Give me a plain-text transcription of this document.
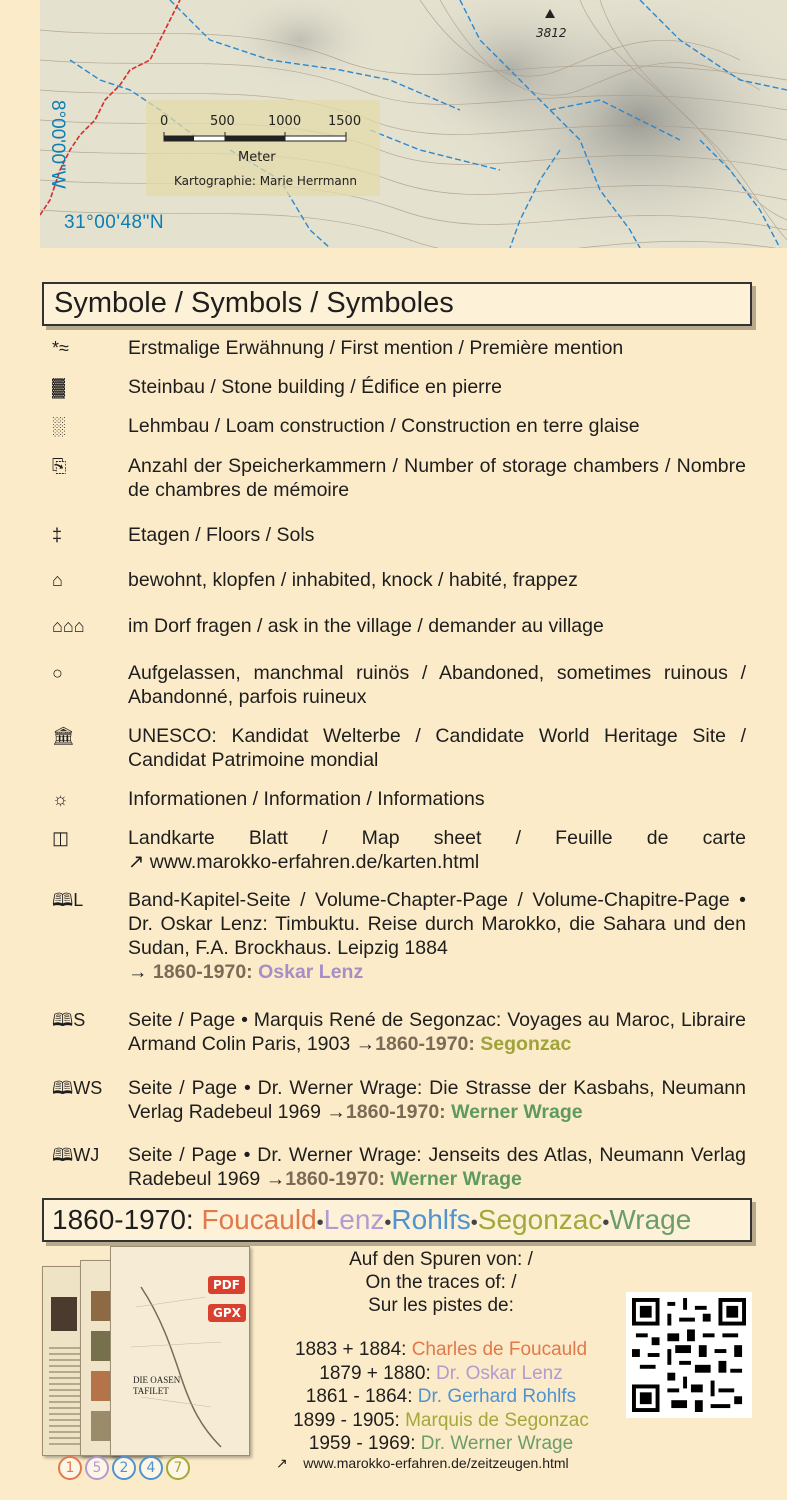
3812
0	500	1000 1500
Meter
Kartographie: Marie Herrmann
8°00'00"W
31°00'48"N
Symbole / Symbols / Symboles
*≈	Erstmalige Erwähnung / First mention / Première mention
▓	Steinbau / Stone building / Édifice en pierre
░	Lehmbau / Loam construction / Construction en terre glaise
⎘	Anzahl der Speicherkammern / Number of storage chambers / Nombre de chambres de mémoire
‡	Etagen / Floors / Sols
⌂	bewohnt, klopfen / inhabited, knock / habité, frappez
⌂⌂⌂	im Dorf fragen / ask in the village / demander au village
○	Aufgelassen, manchmal ruinös / Abandoned, sometimes ruinous / Abandonné, parfois ruineux
🏛	UNESCO: Kandidat Welterbe / Candidate World Heritage Site / Candidat Patrimoine mondial
☼	Informationen / Information / Informations
◫	Landkarte Blatt / Map sheet / Feuille de carte
↗ www.marokko-erfahren.de/karten.html
🕮L	Band-Kapitel-Seite / Volume-Chapter-Page / Volume-Chapitre-Page • Dr. Oskar Lenz: Timbuktu. Reise durch Marokko, die Sahara und den Sudan, F.A. Brockhaus. Leipzig 1884
→ 1860-1970: Oskar Lenz
🕮S	Seite / Page • Marquis René de Segonzac: Voyages au Maroc, Libraire Armand Colin Paris, 1903 →1860-1970: Segonzac
🕮WS	Seite / Page • Dr. Werner Wrage: Die Strasse der Kasbahs, Neumann Verlag Radebeul 1969 →1860-1970: Werner Wrage
🕮WJ	Seite / Page • Dr. Werner Wrage: Jenseits des Atlas, Neumann Verlag Radebeul 1969 →1860-1970: Werner Wrage
1860-1970: Foucauld•Lenz•Rohlfs•Segonzac•Wrage
DIE OASEN TAFILET
PDF
GPX
1 5 2 4 7
Auf den Spuren von: /
On the traces of: /
Sur les pistes de:
1883 + 1884: Charles de Foucauld
1879 + 1880: Dr. Oskar Lenz
1861 - 1864: Dr. Gerhard Rohlfs
1899 - 1905: Marquis de Segonzac
1959 - 1969: Dr. Werner Wrage
↗ www.marokko-erfahren.de/zeitzeugen.html
